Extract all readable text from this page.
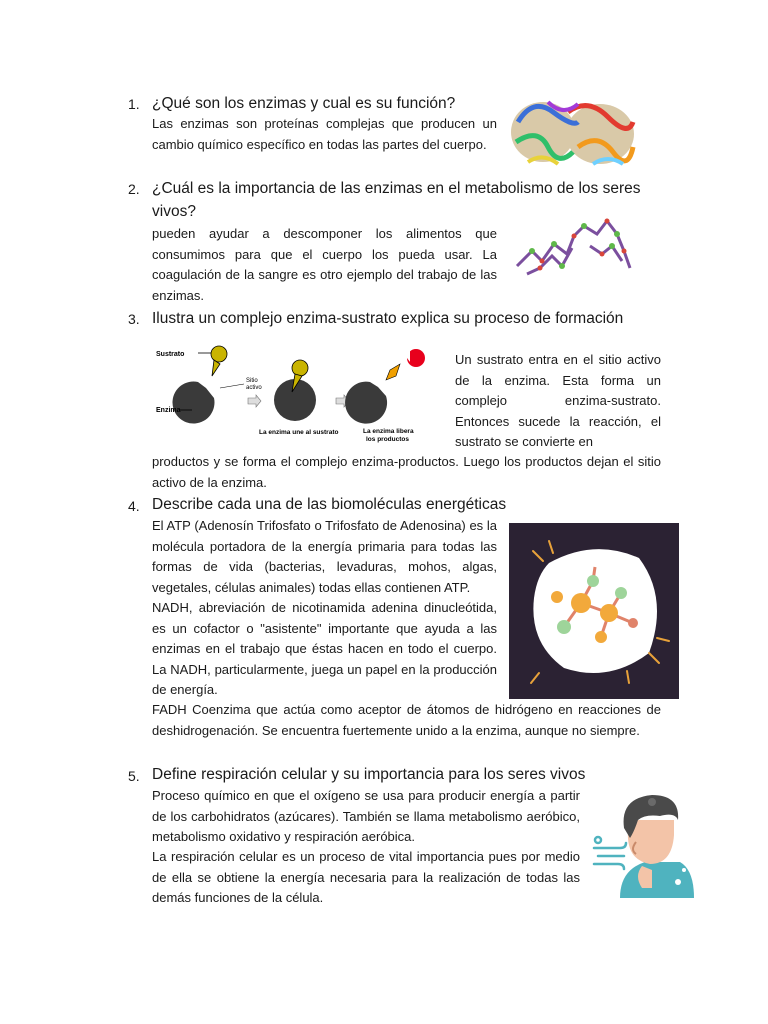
1. ¿Qué son los enzimas y cual es su función?

Las enzimas son proteínas complejas que producen un cambio químico específico en todas las partes del cuerpo.

2. ¿Cuál es la importancia de las enzimas en el metabolismo de los seres vivos?

pueden ayudar a descomponer los alimentos que consumimos para que el cuerpo los pueda usar. La coagulación de la sangre es otro ejemplo del trabajo de las enzimas.

3. Ilustra un complejo enzima-sustrato explica su proceso de formación
Sustrato
Enzima
Sitio
activo
La enzima une al sustrato	La enzima libera
los productos

Un sustrato entra en el sitio activo de la enzima. Esta forma un complejo enzima-sustrato. Entonces sucede la reacción, el sustrato se convierte en

productos y se forma el complejo enzima-productos. Luego los productos dejan el sitio activo de la enzima.

4. Describe cada una de las biomoléculas energéticas

El ATP (Adenosín Trifosfato o Trifosfato de Adenosina) es la molécula portadora de la energía primaria para todas las formas de vida (bacterias, levaduras, mohos, algas, vegetales, células animales) todas ellas contienen ATP.

NADH, abreviación de nicotinamida adenina dinucleótida, es un cofactor o "asistente" importante que ayuda a las enzimas en el trabajo que éstas hacen en todo el cuerpo. La NADH, particularmente, juega un papel en la producción de energía.

FADH Coenzima que actúa como aceptor de átomos de hidrógeno en reacciones de deshidrogenación. Se encuentra fuertemente unido a la enzima, aunque no siempre.

5. Define respiración celular y su importancia para los seres vivos

Proceso químico en que el oxígeno se usa para producir energía a partir de los carbohidratos (azúcares). También se llama metabolismo aeróbico, metabolismo oxidativo y respiración aeróbica.

La respiración celular es un proceso de vital importancia pues por medio de ella se obtiene la energía necesaria para la realización de todas las demás funciones de la célula.
